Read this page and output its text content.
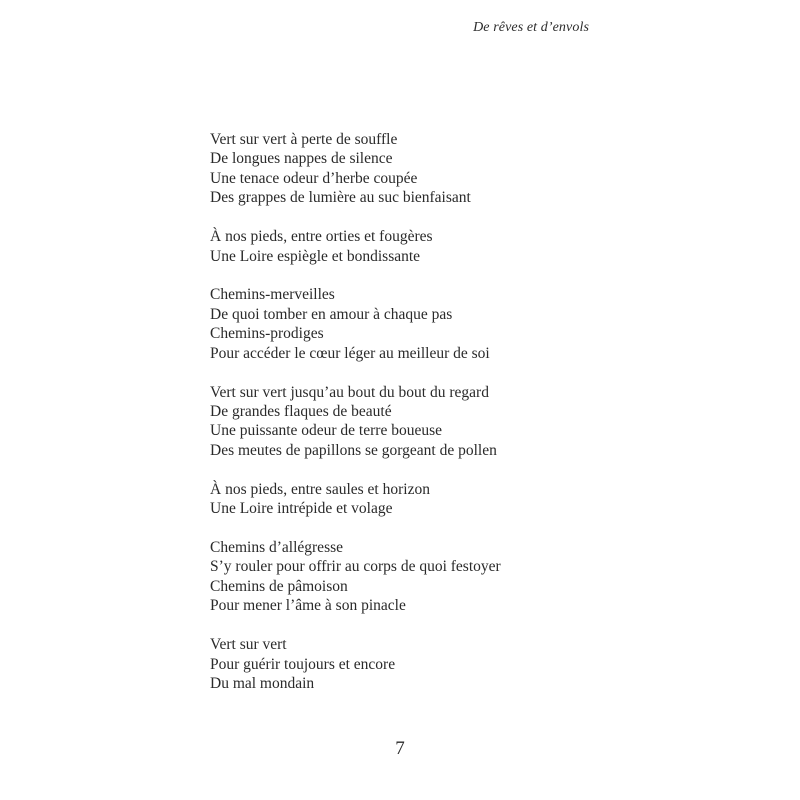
De rêves et d’envols
Vert sur vert à perte de souffle
De longues nappes de silence
Une tenace odeur d’herbe coupée
Des grappes de lumière au suc bienfaisant
À nos pieds, entre orties et fougères
Une Loire espiègle et bondissante
Chemins-merveilles
De quoi tomber en amour à chaque pas
Chemins-prodiges
Pour accéder le cœur léger au meilleur de soi
Vert sur vert jusqu’au bout du bout du regard
De grandes flaques de beauté
Une puissante odeur de terre boueuse
Des meutes de papillons se gorgeant de pollen
À nos pieds, entre saules et horizon
Une Loire intrépide et volage
Chemins d’allégresse
S’y rouler pour offrir au corps de quoi festoyer
Chemins de pâmoison
Pour mener l’âme à son pinacle
Vert sur vert
Pour guérir toujours et encore
Du mal mondain
7
